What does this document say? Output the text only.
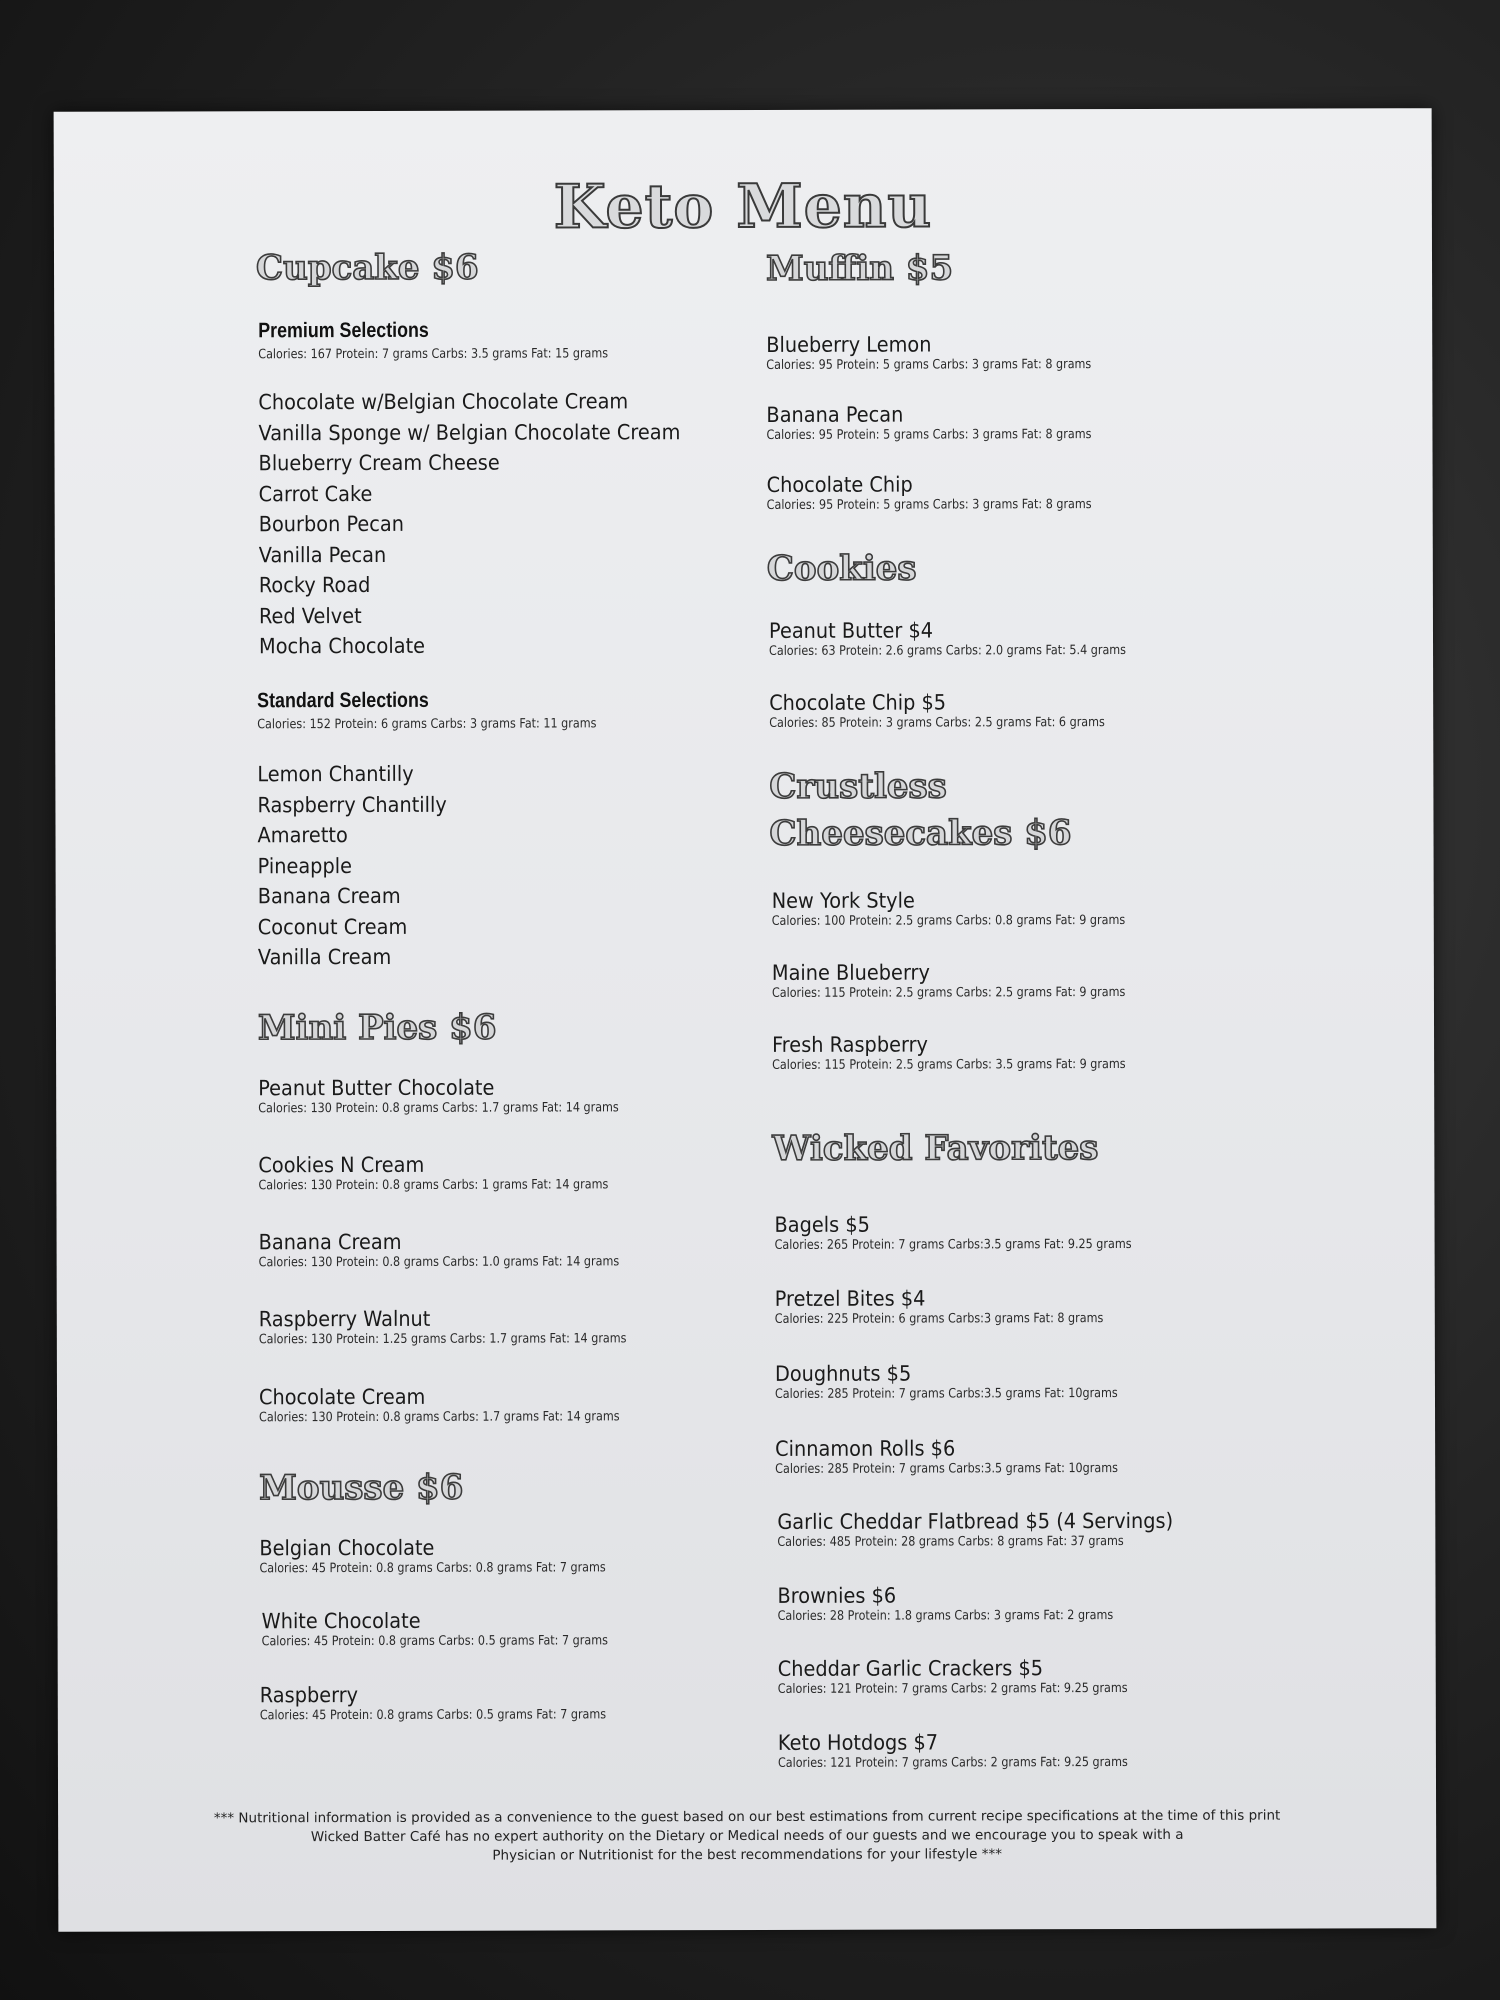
Keto Menu
Cupcake $6
Premium Selections
Calories: 167 Protein: 7 grams Carbs: 3.5 grams Fat: 15 grams
Chocolate w/Belgian Chocolate Cream
Vanilla Sponge w/ Belgian Chocolate Cream
Blueberry Cream Cheese
Carrot Cake
Bourbon Pecan
Vanilla Pecan
Rocky Road
Red Velvet
Mocha Chocolate
Standard Selections
Calories: 152 Protein: 6 grams Carbs: 3 grams Fat: 11 grams
Lemon Chantilly
Raspberry Chantilly
Amaretto
Pineapple
Banana Cream
Coconut Cream
Vanilla Cream
Mini Pies $6
Peanut Butter Chocolate
Calories: 130 Protein: 0.8 grams Carbs: 1.7 grams Fat: 14 grams
Cookies N Cream
Calories: 130 Protein: 0.8 grams Carbs: 1 grams Fat: 14 grams
Banana Cream
Calories: 130 Protein: 0.8 grams Carbs: 1.0 grams Fat: 14 grams
Raspberry Walnut
Calories: 130 Protein: 1.25 grams Carbs: 1.7 grams Fat: 14 grams
Chocolate Cream
Calories: 130 Protein: 0.8 grams Carbs: 1.7 grams Fat: 14 grams
Mousse $6
Belgian Chocolate
Calories: 45 Protein: 0.8 grams Carbs: 0.8 grams Fat: 7 grams
White Chocolate
Calories: 45 Protein: 0.8 grams Carbs: 0.5 grams Fat: 7 grams
Raspberry
Calories: 45 Protein: 0.8 grams Carbs: 0.5 grams Fat: 7 grams
Muffin $5
Blueberry Lemon
Calories: 95 Protein: 5 grams Carbs: 3 grams Fat: 8 grams
Banana Pecan
Calories: 95 Protein: 5 grams Carbs: 3 grams Fat: 8 grams
Chocolate Chip
Calories: 95 Protein: 5 grams Carbs: 3 grams Fat: 8 grams
Cookies
Peanut Butter $4
Calories: 63 Protein: 2.6 grams Carbs: 2.0 grams Fat: 5.4 grams
Chocolate Chip $5
Calories: 85 Protein: 3 grams Carbs: 2.5 grams Fat: 6 grams
Crustless
Cheesecakes $6
New York Style
Calories: 100 Protein: 2.5 grams Carbs: 0.8 grams Fat: 9 grams
Maine Blueberry
Calories: 115 Protein: 2.5 grams Carbs: 2.5 grams Fat: 9 grams
Fresh Raspberry
Calories: 115 Protein: 2.5 grams Carbs: 3.5 grams Fat: 9 grams
Wicked Favorites
Bagels $5
Calories: 265 Protein: 7 grams Carbs:3.5 grams Fat: 9.25 grams
Pretzel Bites $4
Calories: 225 Protein: 6 grams Carbs:3 grams Fat: 8 grams
Doughnuts $5
Calories: 285 Protein: 7 grams Carbs:3.5 grams Fat: 10grams
Cinnamon Rolls $6
Calories: 285 Protein: 7 grams Carbs:3.5 grams Fat: 10grams
Garlic Cheddar Flatbread $5 (4 Servings)
Calories: 485 Protein: 28 grams Carbs: 8 grams Fat: 37 grams
Brownies $6
Calories: 28 Protein: 1.8 grams Carbs: 3 grams Fat: 2 grams
Cheddar Garlic Crackers $5
Calories: 121 Protein: 7 grams Carbs: 2 grams Fat: 9.25 grams
Keto Hotdogs $7
Calories: 121 Protein: 7 grams Carbs: 2 grams Fat: 9.25 grams
*** Nutritional information is provided as a convenience to the guest based on our best estimations from current recipe specifications at the time of this print
Wicked Batter Café has no expert authority on the Dietary or Medical needs of our guests and we encourage you to speak with a
Physician or Nutritionist for the best recommendations for your lifestyle ***
